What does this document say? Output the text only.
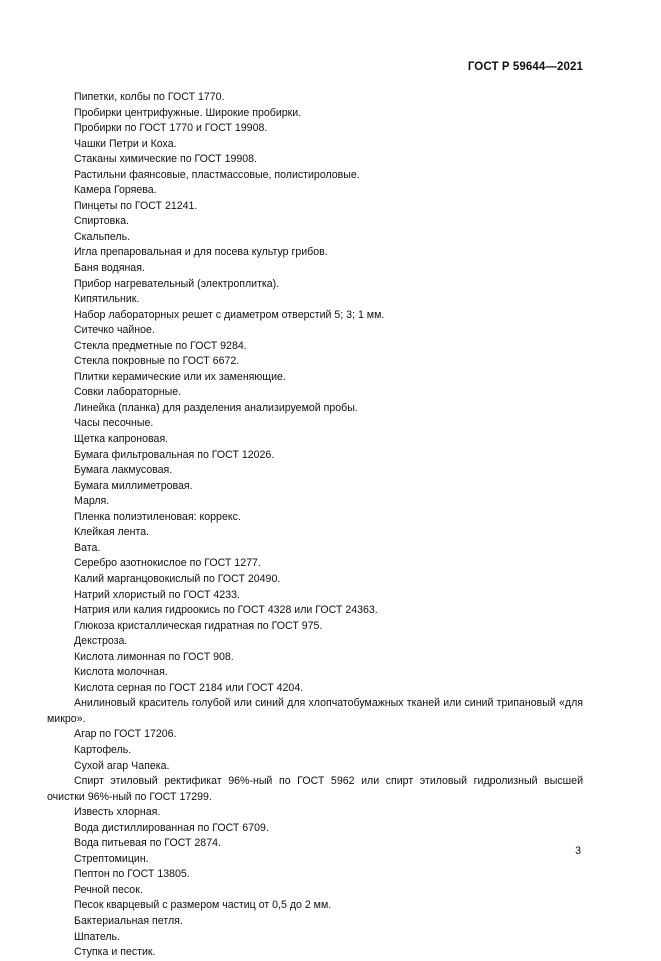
ГОСТ Р 59644—2021

Пипетки, колбы по ГОСТ 1770.

Пробирки центрифужные. Широкие пробирки.

Пробирки по ГОСТ 1770 и ГОСТ 19908.

Чашки Петри и Коха.

Стаканы химические по ГОСТ 19908.

Растильни фаянсовые, пластмассовые, полистироловые.

Камера Горяева.

Пинцеты по ГОСТ 21241.

Спиртовка.

Скальпель.

Игла препаровальная и для посева культур грибов.

Баня водяная.

Прибор нагревательный (электроплитка).

Кипятильник.

Набор лабораторных решет с диаметром отверстий 5; 3; 1 мм.

Ситечко чайное.

Стекла предметные по ГОСТ 9284.

Стекла покровные по ГОСТ 6672.

Плитки керамические или их заменяющие.

Совки лабораторные.

Линейка (планка) для разделения анализируемой пробы.

Часы песочные.

Щетка капроновая.

Бумага фильтровальная по ГОСТ 12026.

Бумага лакмусовая.

Бумага миллиметровая.

Марля.

Пленка полиэтиленовая: коррекс.

Клейкая лента.

Вата.

Серебро азотнокислое по ГОСТ 1277.

Калий марганцовокислый по ГОСТ 20490.

Натрий хлористый по ГОСТ 4233.

Натрия или калия гидроокись по ГОСТ 4328 или ГОСТ 24363.

Глюкоза кристаллическая гидратная по ГОСТ 975.

Декстроза.

Кислота лимонная по ГОСТ 908.

Кислота молочная.

Кислота серная по ГОСТ 2184 или ГОСТ 4204.

Анилиновый краситель голубой или синий для хлопчатобумажных тканей или синий трипановый «для микро».

Агар по ГОСТ 17206.

Картофель.

Сухой агар Чапека.

Спирт этиловый ректификат 96%-ный по ГОСТ 5962 или спирт этиловый гидролизный высшей очистки 96%-ный по ГОСТ 17299.

Известь хлорная.

Вода дистиллированная по ГОСТ 6709.

Вода питьевая по ГОСТ 2874.

Стрептомицин.

Пептон по ГОСТ 13805.

Речной песок.

Песок кварцевый с размером частиц от 0,5 до 2 мм.

Бактериальная петля.

Шпатель.

Ступка и пестик.

3
